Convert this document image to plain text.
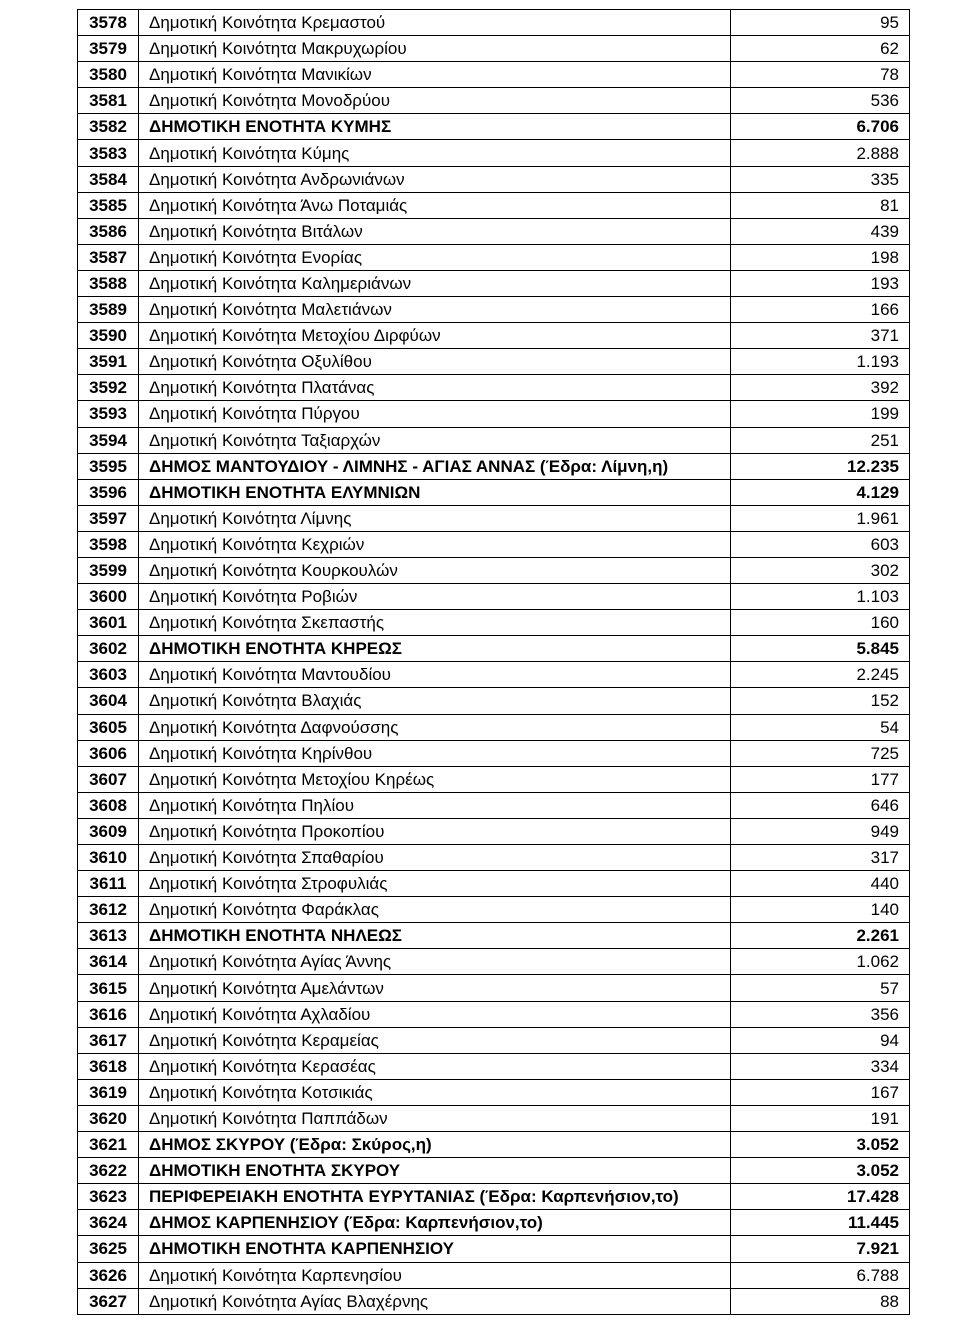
3578	Δημοτική Κοινότητα Κρεμαστού	95
3579	Δημοτική Κοινότητα Μακρυχωρίου	62
3580	Δημοτική Κοινότητα Μανικίων	78
3581	Δημοτική Κοινότητα Μονοδρύου	536
3582	ΔΗΜΟΤΙΚΗ ΕΝΟΤΗΤΑ ΚΥΜΗΣ	6.706
3583	Δημοτική Κοινότητα Κύμης	2.888
3584	Δημοτική Κοινότητα Ανδρωνιάνων	335
3585	Δημοτική Κοινότητα Άνω Ποταμιάς	81
3586	Δημοτική Κοινότητα Βιτάλων	439
3587	Δημοτική Κοινότητα Ενορίας	198
3588	Δημοτική Κοινότητα Καλημεριάνων	193
3589	Δημοτική Κοινότητα Μαλετιάνων	166
3590	Δημοτική Κοινότητα Μετοχίου Διρφύων	371
3591	Δημοτική Κοινότητα Οξυλίθου	1.193
3592	Δημοτική Κοινότητα Πλατάνας	392
3593	Δημοτική Κοινότητα Πύργου	199
3594	Δημοτική Κοινότητα Ταξιαρχών	251
3595	ΔΗΜΟΣ ΜΑΝΤΟΥΔΙΟΥ - ΛΙΜΝΗΣ - ΑΓΙΑΣ ΑΝΝΑΣ (Έδρα: Λίμνη,η)	12.235
3596	ΔΗΜΟΤΙΚΗ ΕΝΟΤΗΤΑ ΕΛΥΜΝΙΩΝ	4.129
3597	Δημοτική Κοινότητα Λίμνης	1.961
3598	Δημοτική Κοινότητα Κεχριών	603
3599	Δημοτική Κοινότητα Κουρκουλών	302
3600	Δημοτική Κοινότητα Ροβιών	1.103
3601	Δημοτική Κοινότητα Σκεπαστής	160
3602	ΔΗΜΟΤΙΚΗ ΕΝΟΤΗΤΑ ΚΗΡΕΩΣ	5.845
3603	Δημοτική Κοινότητα Μαντουδίου	2.245
3604	Δημοτική Κοινότητα Βλαχιάς	152
3605	Δημοτική Κοινότητα Δαφνούσσης	54
3606	Δημοτική Κοινότητα Κηρίνθου	725
3607	Δημοτική Κοινότητα Μετοχίου Κηρέως	177
3608	Δημοτική Κοινότητα Πηλίου	646
3609	Δημοτική Κοινότητα Προκοπίου	949
3610	Δημοτική Κοινότητα Σπαθαρίου	317
3611	Δημοτική Κοινότητα Στροφυλιάς	440
3612	Δημοτική Κοινότητα Φαράκλας	140
3613	ΔΗΜΟΤΙΚΗ ΕΝΟΤΗΤΑ ΝΗΛΕΩΣ	2.261
3614	Δημοτική Κοινότητα Αγίας Άννης	1.062
3615	Δημοτική Κοινότητα Αμελάντων	57
3616	Δημοτική Κοινότητα Αχλαδίου	356
3617	Δημοτική Κοινότητα Κεραμείας	94
3618	Δημοτική Κοινότητα Κερασέας	334
3619	Δημοτική Κοινότητα Κοτσικιάς	167
3620	Δημοτική Κοινότητα Παππάδων	191
3621	ΔΗΜΟΣ ΣΚΥΡΟΥ (Έδρα: Σκύρος,η)	3.052
3622	ΔΗΜΟΤΙΚΗ ΕΝΟΤΗΤΑ ΣΚΥΡΟΥ	3.052
3623	ΠΕΡΙΦΕΡΕΙΑΚΗ ΕΝΟΤΗΤΑ ΕΥΡΥΤΑΝΙΑΣ (Έδρα: Καρπενήσιον,το)	17.428
3624	ΔΗΜΟΣ ΚΑΡΠΕΝΗΣΙΟΥ (Έδρα: Καρπενήσιον,το)	11.445
3625	ΔΗΜΟΤΙΚΗ ΕΝΟΤΗΤΑ ΚΑΡΠΕΝΗΣΙΟΥ	7.921
3626	Δημοτική Κοινότητα Καρπενησίου	6.788
3627	Δημοτική Κοινότητα Αγίας Βλαχέρνης	88
